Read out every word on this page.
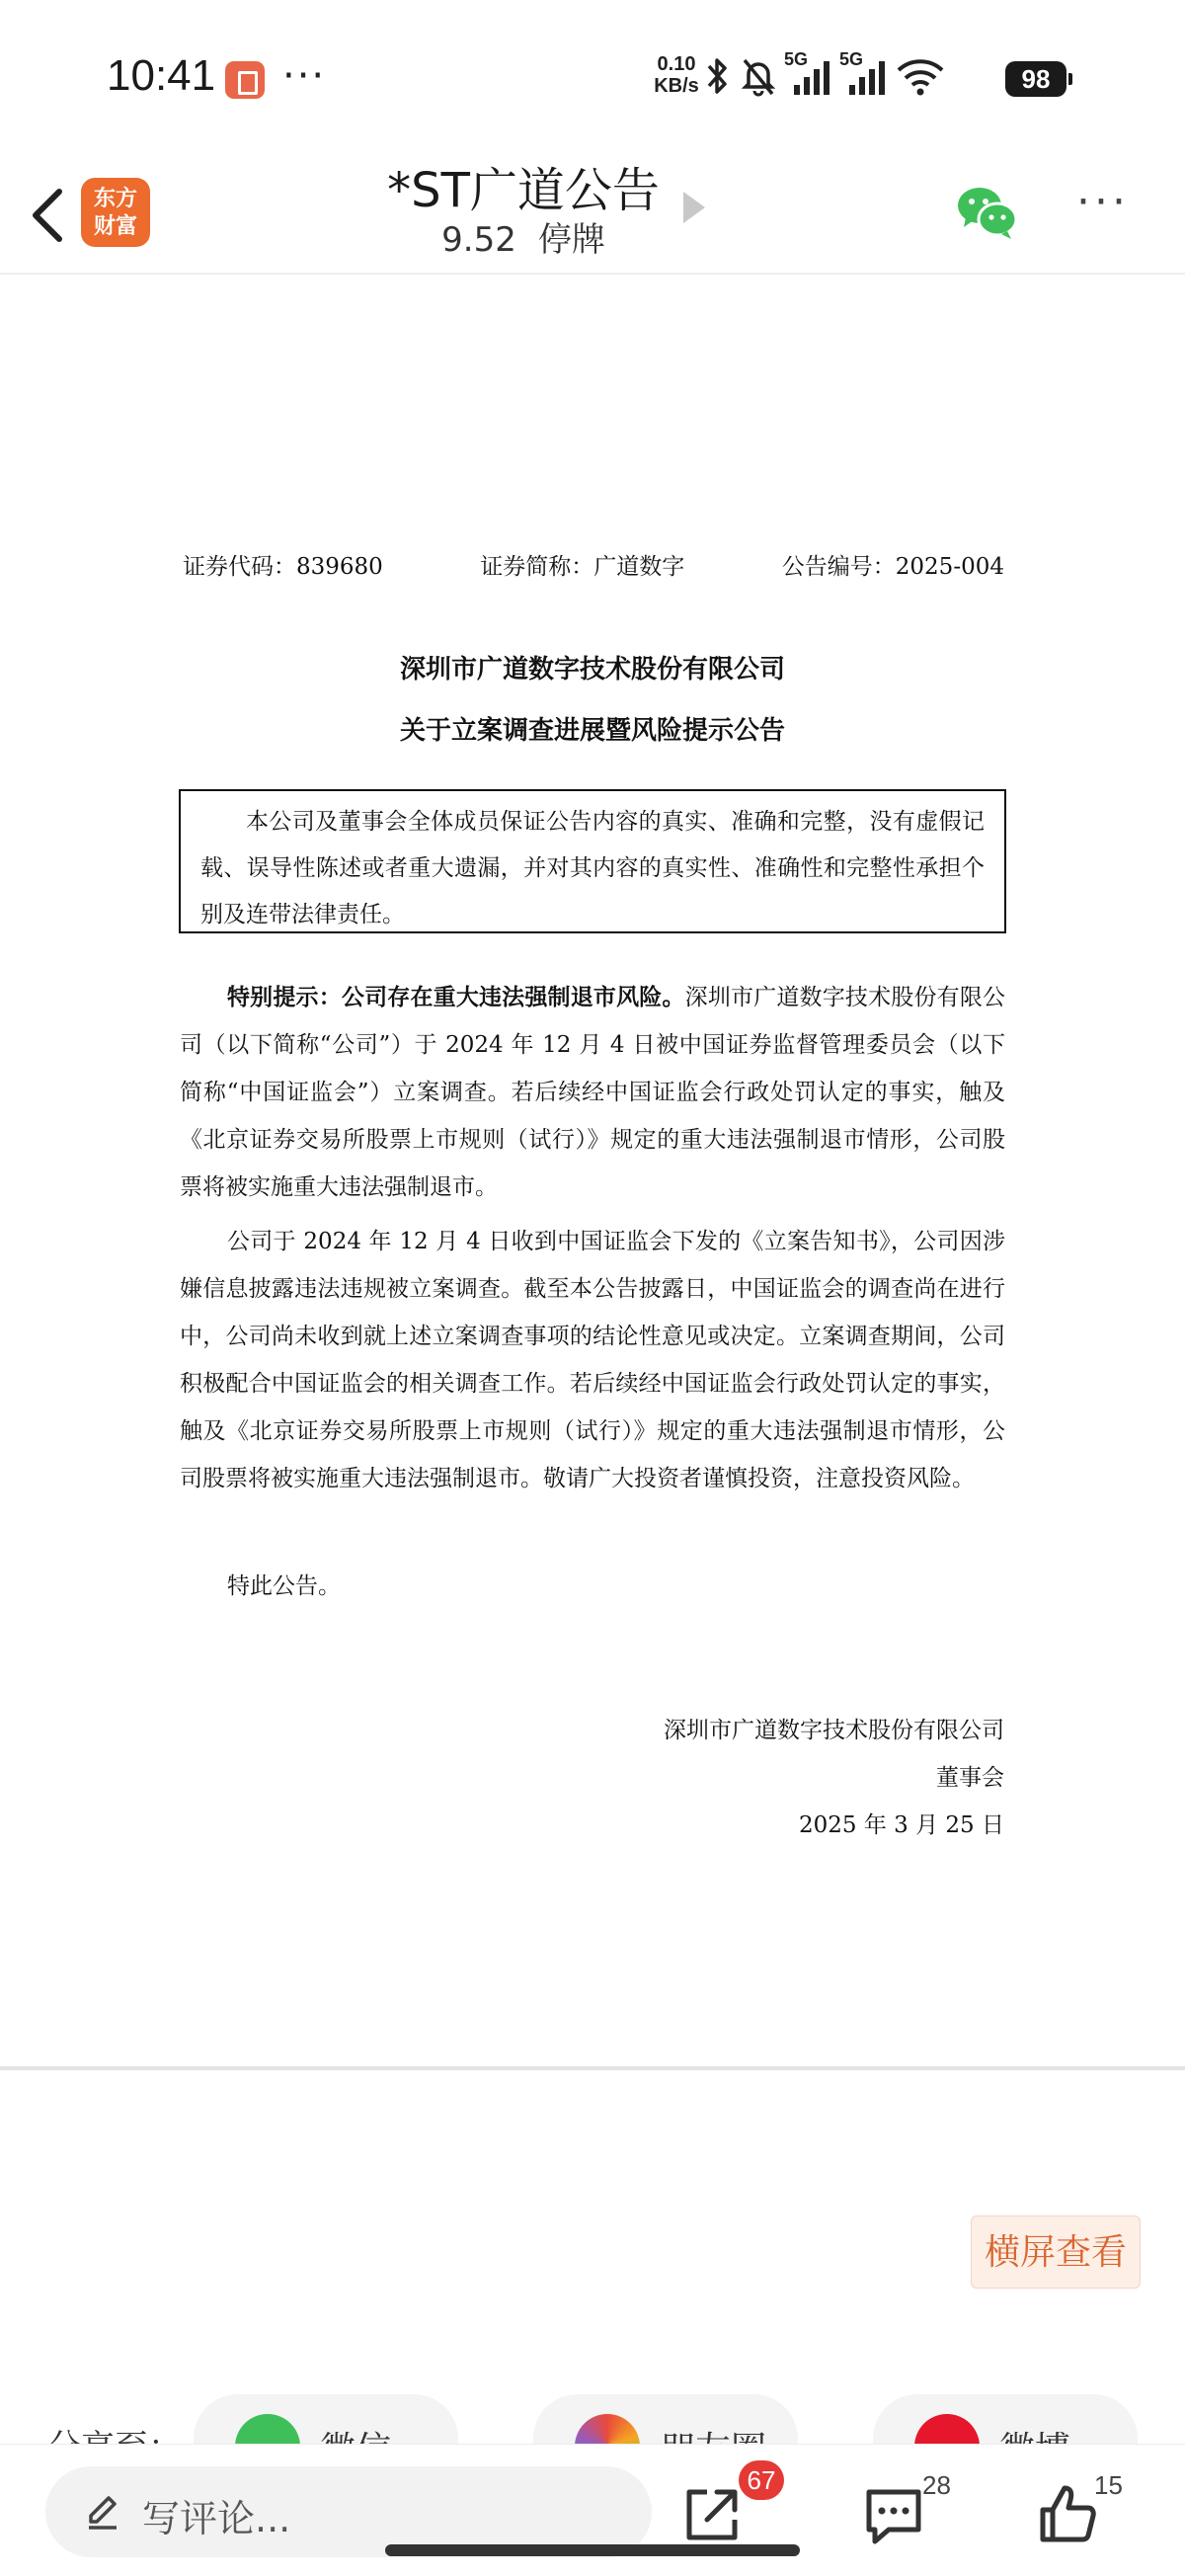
10:41 ···	0.10
KB/s
5G 5G
98
东方
财富
*ST广道公告
9.52 停牌
···
证券代码：839680	证券简称：广道数字	公告编号：2025-004
深圳市广道数字技术股份有限公司
关于立案调查进展暨风险提示公告
本公司及董事会全体成员保证公告内容的真实、准确和完整，没有虚假记载、误导性陈述或者重大遗漏，并对其内容的真实性、准确性和完整性承担个别及连带法律责任。
特别提示：公司存在重大违法强制退市风险。深圳市广道数字技术股份有限公司（以下简称“公司”）于 2024 年 12 月 4 日被中国证券监督管理委员会（以下简称“中国证监会”）立案调查。若后续经中国证监会行政处罚认定的事实，触及《北京证券交易所股票上市规则（试行）》规定的重大违法强制退市情形，公司股票将被实施重大违法强制退市。
公司于 2024 年 12 月 4 日收到中国证监会下发的《立案告知书》，公司因涉嫌信息披露违法违规被立案调查。截至本公告披露日，中国证监会的调查尚在进行中，公司尚未收到就上述立案调查事项的结论性意见或决定。立案调查期间，公司积极配合中国证监会的相关调查工作。若后续经中国证监会行政处罚认定的事实，触及《北京证券交易所股票上市规则（试行）》规定的重大违法强制退市情形，公司股票将被实施重大违法强制退市。敬请广大投资者谨慎投资，注意投资风险。
特此公告。
深圳市广道数字技术股份有限公司
董事会
2025 年 3 月 25 日
横屏查看
写评论...
67	28	15
